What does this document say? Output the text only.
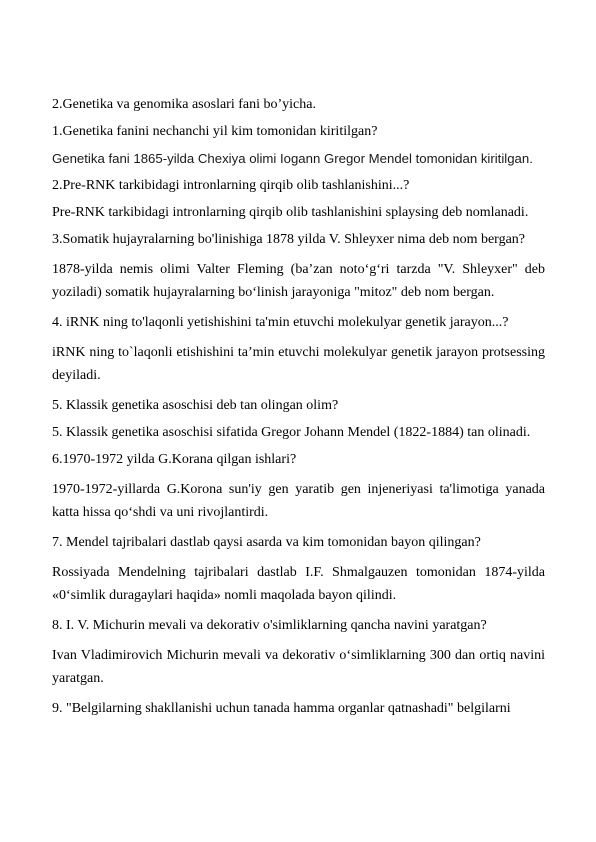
2.Genetika va genomika asoslari fani bo’yicha.

1.Genetika fanini nechanchi yil kim tomonidan kiritilgan?

Genetika fani 1865-yilda Chexiya olimi Iogann Gregor Mendel tomonidan kiritilgan.

2.Pre-RNK tarkibidagi intronlarning qirqib olib tashlanishini...?

Pre-RNK tarkibidagi intronlarning qirqib olib tashlanishini splaysing deb nomlanadi.

3.Somatik hujayralarning bo'linishiga 1878 yilda V. Shleyxer nima deb nom bergan?

1878-yilda nemis olimi Valter Fleming (ba’zan noto‘g‘ri tarzda "V. Shleyxer" deb yoziladi) somatik hujayralarning bo‘linish jarayoniga "mitoz" deb nom bergan.

4. iRNK ning to'laqonli yetishishini ta'min etuvchi molekulyar genetik jarayon...?

iRNK ning to`laqonli etishishini ta’min etuvchi molekulyar genetik jarayon protsessing deyiladi.

5. Klassik genetika asoschisi deb tan olingan olim?

5. Klassik genetika asoschisi sifatida Gregor Johann Mendel (1822-1884) tan olinadi.

6.1970-1972 yilda G.Korana qilgan ishlari?

1970-1972-yillarda G.Korona sun'iy gen yaratib gen injeneriyasi ta'limotiga yanada katta hissa qo‘shdi va uni rivojlantirdi.

7. Mendel tajribalari dastlab qaysi asarda va kim tomonidan bayon qilingan?

Rossiyada Mendelning tajribalari dastlab I.F. Shmalgauzen tomonidan 1874-yilda «0‘simlik duragaylari haqida» nomli maqolada bayon qilindi.

8. I. V. Michurin mevali va dekorativ o'simliklarning qancha navini yaratgan?

Ivan Vladimirovich Michurin mevali va dekorativ o‘simliklarning 300 dan ortiq navini yaratgan.

9. "Belgilarning shakllanishi uchun tanada hamma organlar qatnashadi" belgilarni
